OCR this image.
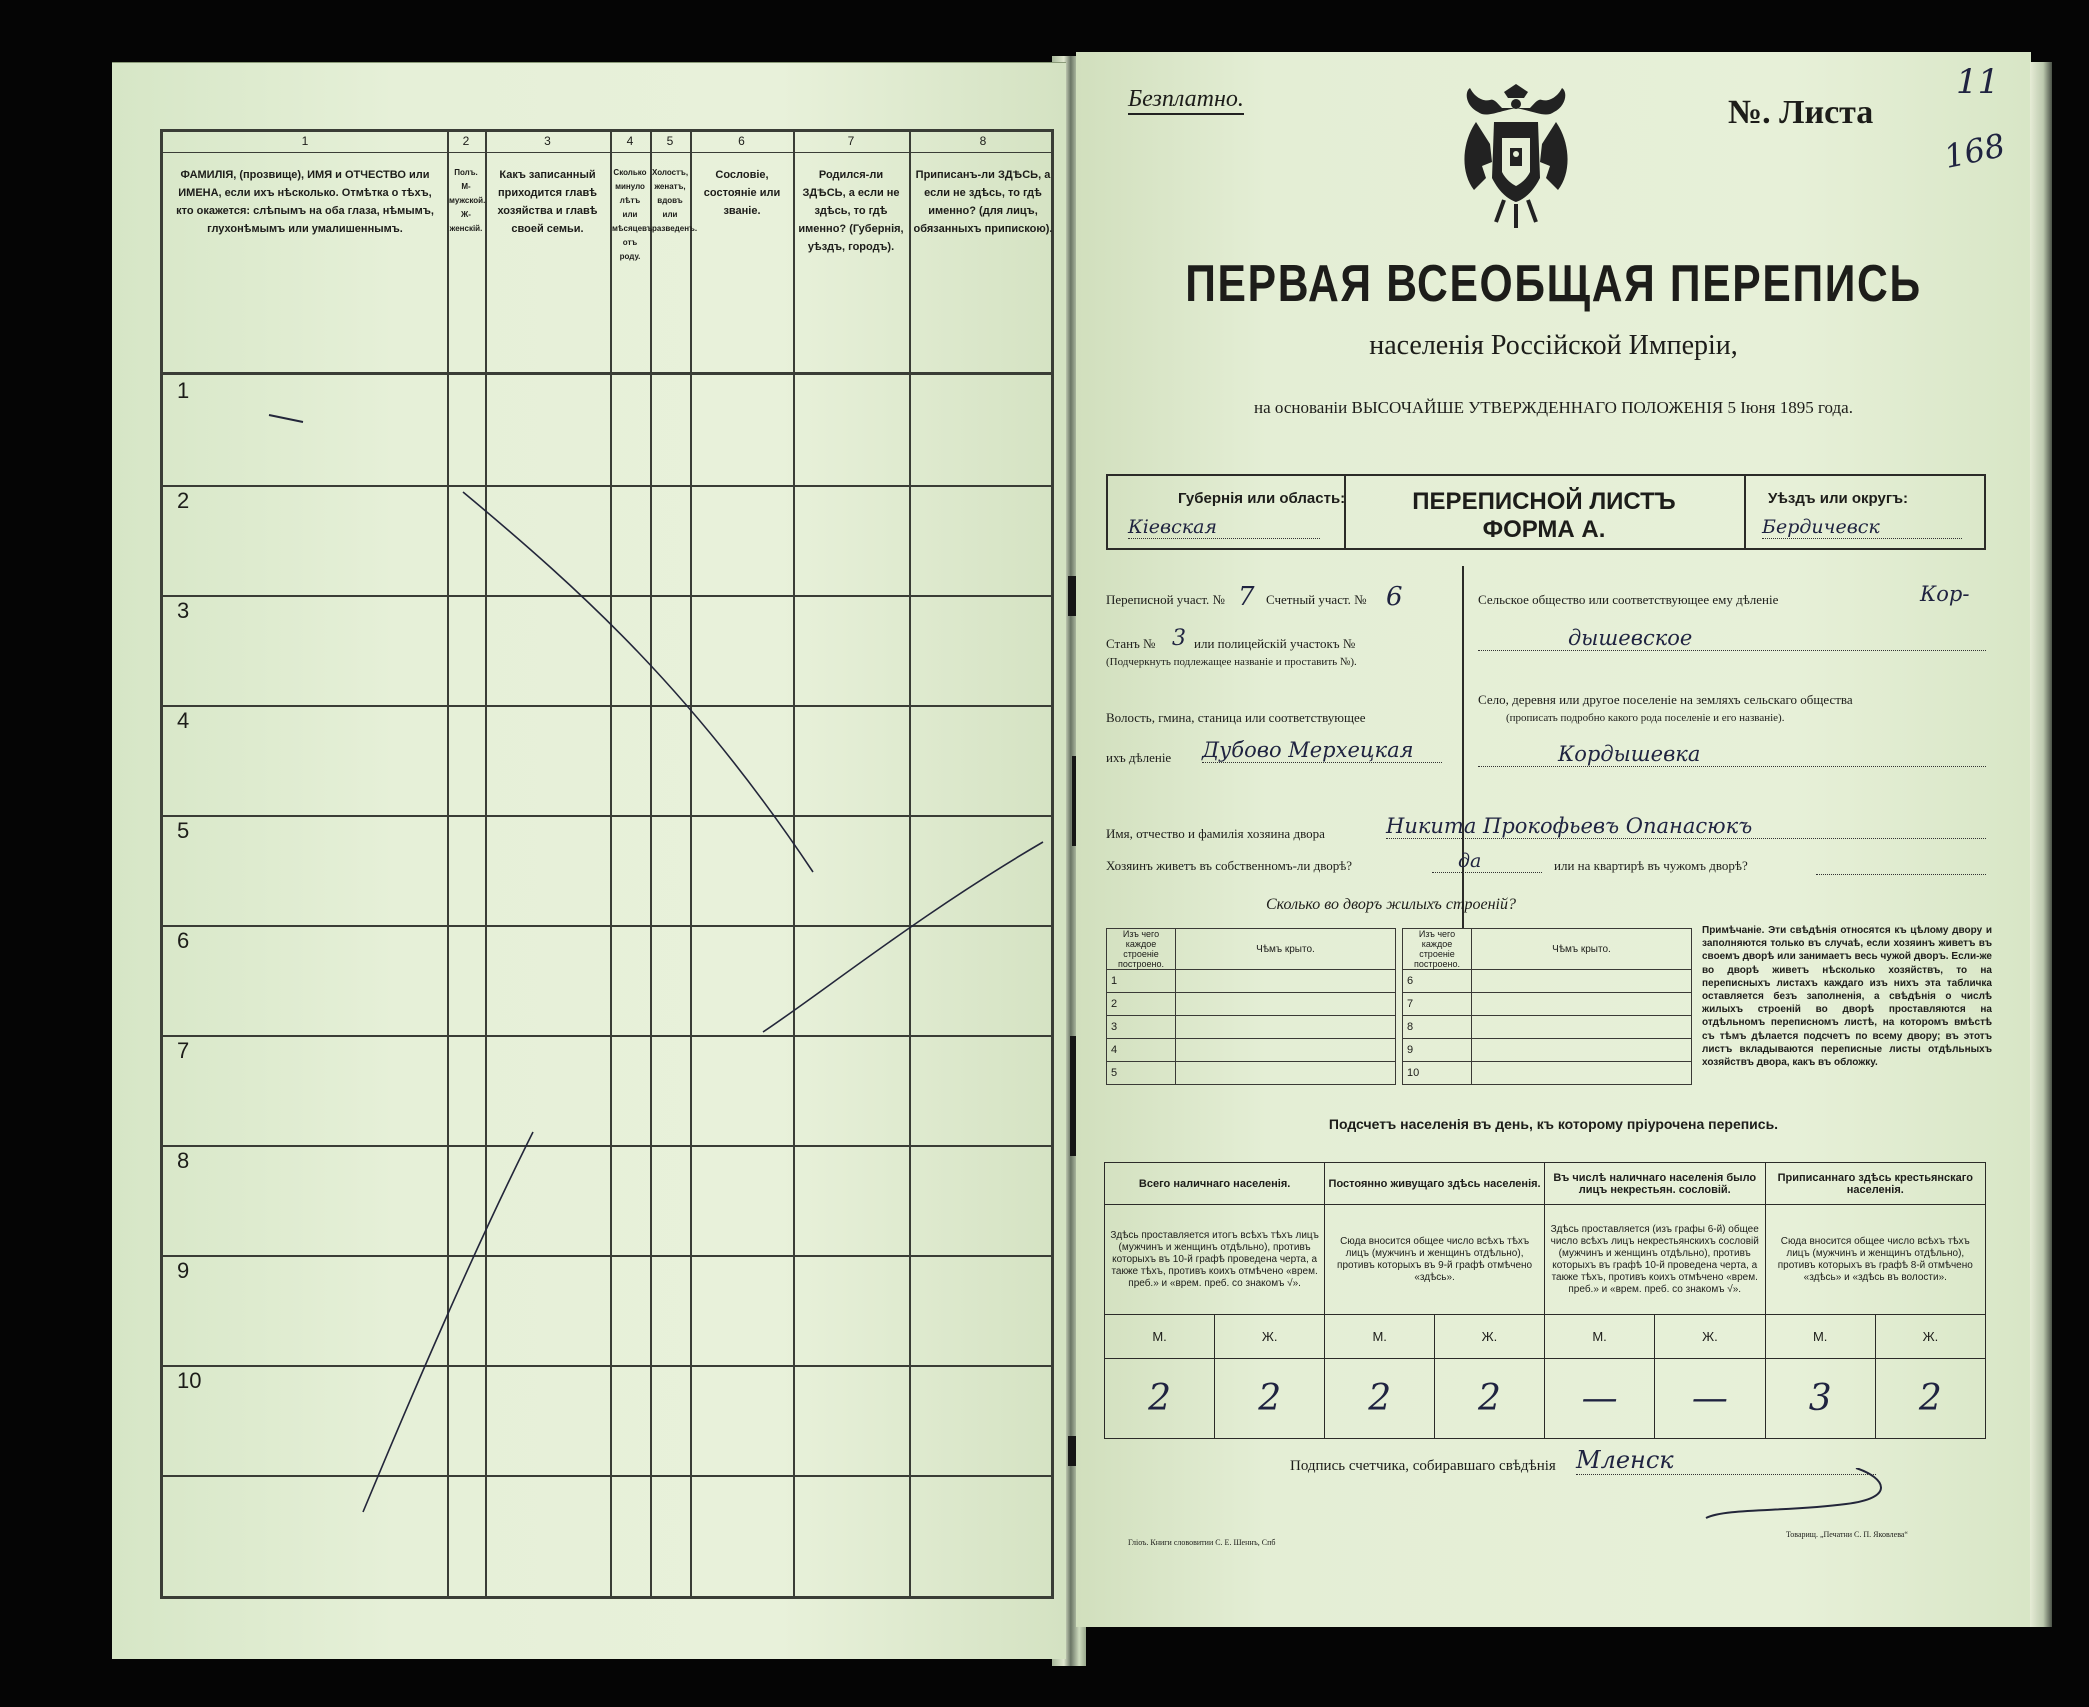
1	2	3	4	5	6	7	8
ФАМИЛІЯ, (прозвище), ИМЯ и ОТЧЕСТВО или ИМЕНА, если ихъ нѣсколько. Отмѣтка о тѣхъ, кто окажется: слѣпымъ на оба глаза, нѣмымъ, глухонѣмымъ или умалишеннымъ.
Полъ. М-мужской. Ж-женскій.
Какъ записанный приходится главѣ хозяйства и главѣ своей семьи.
Сколько минуло лѣтъ или мѣсяцевъ отъ роду.
Холостъ, женатъ, вдовъ или разведенъ.
Сословіе, состояніе или званіе.
Родился-ли ЗДѢСЬ, а если не здѣсь, то гдѣ именно? (Губернія, уѣздъ, городъ).
Приписанъ-ли ЗДѢСЬ, а если не здѣсь, то гдѣ именно? (для лицъ, обязанныхъ припискою).
1
2
3
4
5
6
7
8
9
10
Безплатно.	№. Листа
11
168
ПЕРВАЯ ВСЕОБЩАЯ ПЕРЕПИСЬ
населенія Россійской Имперіи,
на основаніи ВЫСОЧАЙШЕ УТВЕРЖДЕННАГО ПОЛОЖЕНІЯ 5 Іюня 1895 года.
Губернія или область:
Кіевская
ПЕРЕПИСНОЙ ЛИСТЪ
ФОРМА А.
Уѣздъ или округъ:
Бердичевск
Переписной участ. № 7 Счетный участ. № 6
Станъ № 3 или полицейскій участокъ №
(Подчеркнуть подлежащее названіе и проставить №).
Волость, гмина, станица или соответствующее
ихъ дѣленіе Дубово Мерхецкая
Сельское общество или соответствующее ему дѣленіе	Кор-
дышевское
Село, деревня или другое поселеніе на земляхъ сельскаго общества
(прописать подробно какого рода поселеніе и его названіе).
Кордышевка
Имя, отчество и фамилія хозяина двора	Никита Прокофьевъ Опанасюкъ
Хозяинъ живетъ въ собственномъ-ли дворѣ?	да	или на квартирѣ въ чужомъ дворѣ?
Сколько во дворъ жилыхъ строеній?
Изъ чего каждое строеніе построено.	Чѣмъ крыто.
1	
2	
3	
4	
5	
Изъ чего каждое строеніе построено.	Чѣмъ крыто.
6	
7	
8	
9	
10	
Примѣчаніе. Эти свѣдѣнія относятся къ цѣлому двору и заполняются только въ случаѣ, если хозяинъ живетъ въ своемъ дворѣ или занимаетъ весь чужой дворъ. Если-же во дворѣ живетъ нѣсколько хозяйствъ, то на переписныхъ листахъ каждаго изъ нихъ эта табличка оставляется безъ заполненія, а свѣдѣнія о числѣ жилыхъ строеній во дворѣ проставляются на отдѣльномъ переписномъ листѣ, на которомъ вмѣстѣ съ тѣмъ дѣлается подсчетъ по всему двору; въ этотъ листъ вкладываются переписные листы отдѣльныхъ хозяйствъ двора, какъ въ обложку.
Подсчетъ населенія въ день, къ которому пріурочена перепись.
Всего наличнаго населенія.		Постоянно живущаго здѣсь населенія.		Въ числѣ наличнаго населенія было лицъ некрестьян. сословій.		Приписаннаго здѣсь крестьянскаго населенія.	
Здѣсь проставляется итогъ всѣхъ тѣхъ лицъ (мужчинъ и женщинъ отдѣльно), противъ которыхъ въ 10-й графѣ проведена черта, а также тѣхъ, противъ коихъ отмѣчено «врем. преб.» и «врем. преб. со знакомъ √».		Сюда вносится общее число всѣхъ тѣхъ лицъ (мужчинъ и женщинъ отдѣльно), противъ которыхъ въ 9-й графѣ отмѣчено «здѣсь».		Здѣсь проставляется (изъ графы 6-й) общее число всѣхъ лицъ некрестьянскихъ сословій (мужчинъ и женщинъ отдѣльно), противъ которыхъ въ графѣ 10-й проведена черта, а также тѣхъ, противъ коихъ отмѣчено «врем. преб.» и «врем. преб. со знакомъ √».		Сюда вносится общее число всѣхъ тѣхъ лицъ (мужчинъ и женщинъ отдѣльно), противъ которыхъ въ графѣ 8-й отмѣчено «здѣсь» и «здѣсь въ волости».	
М.	Ж.	М.	Ж.	М.	Ж.	М.	Ж.
2	2	2	2	—	—	3	2
Подпись счетчика, собиравшаго свѣдѣнія Мленск
Гліоъ. Книги слововитии С. Е. Шеннъ, Спб
Товарищ. „Печатни С. П. Яковлева“
